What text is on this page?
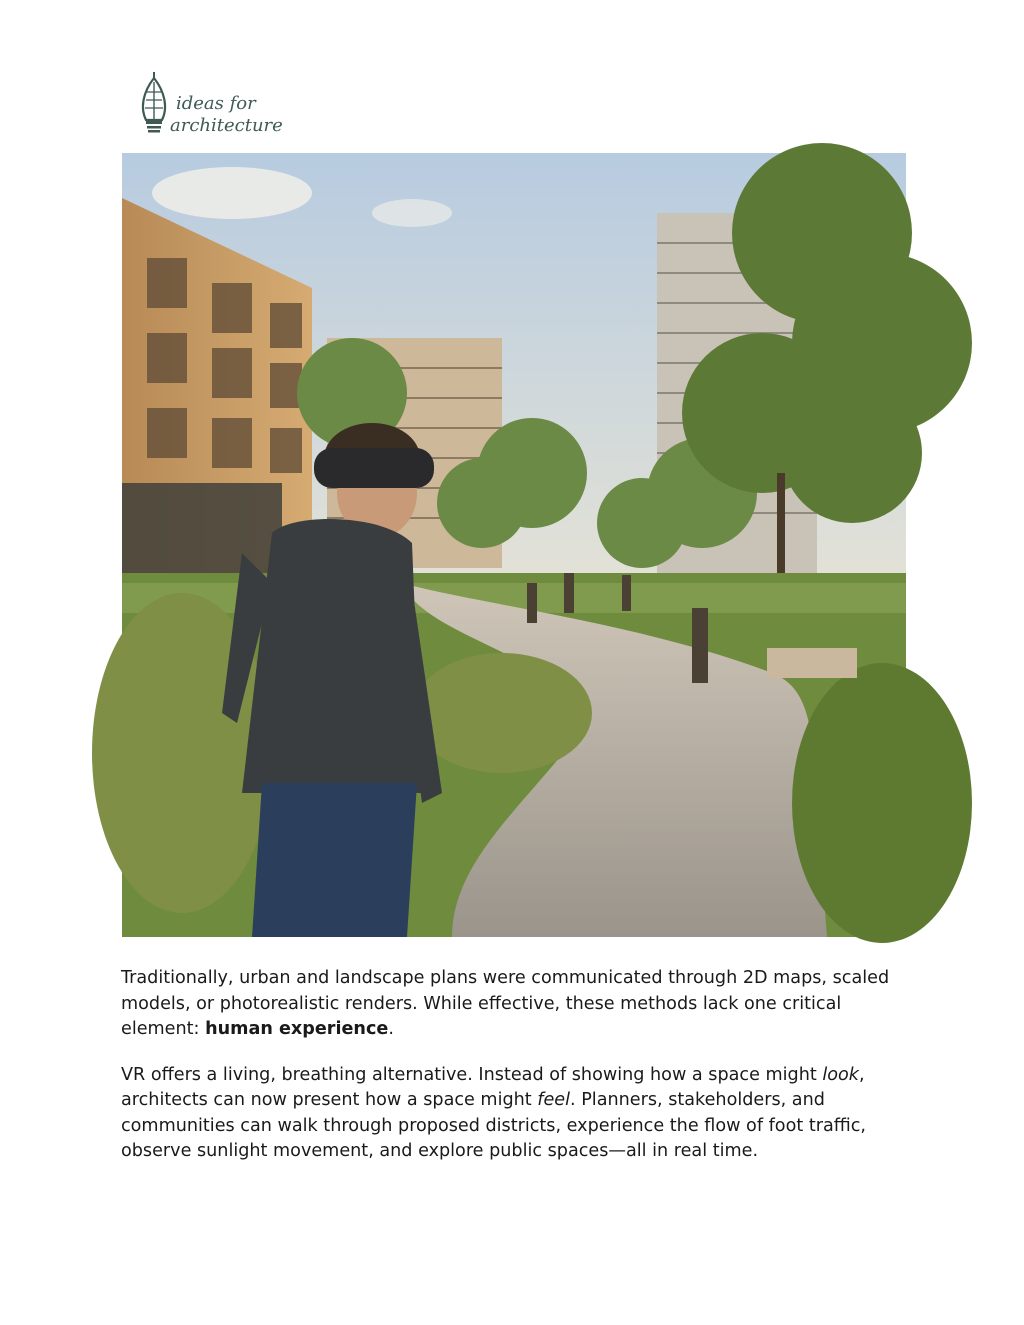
ideas for
architecture

Traditionally, urban and landscape plans were communicated through 2D maps, scaled models, or photorealistic renders. While effective, these methods lack one critical element: human experience.

VR offers a living, breathing alternative. Instead of showing how a space might look, architects can now present how a space might feel. Planners, stakeholders, and communities can walk through proposed districts, experience the flow of foot traffic, observe sunlight movement, and explore public spaces—all in real time.
